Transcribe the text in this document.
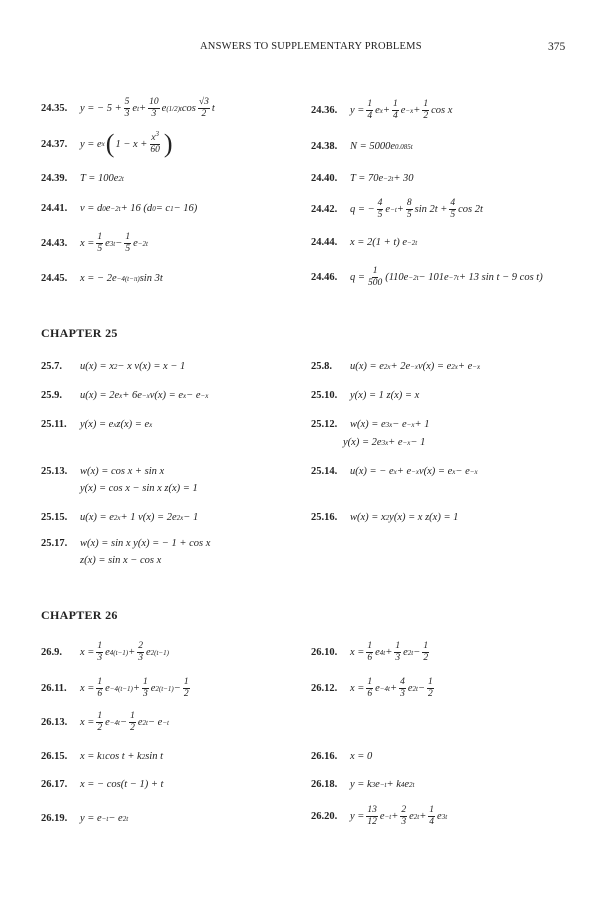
ANSWERS TO SUPPLEMENTARY PROBLEMS	375
24.35.	y = − $5 + \frac{5}{3}$ e $t + \frac{10}{3}$ e (1/2)t $\cos \frac{√3}{2}$ t	24.36.	$y = \frac{1}{4}$ e $x + \frac{1}{4}$ $e -x + \frac{1}{2}$ cos x
24.37.	y = e x ( $1 - x + \frac{x^3}{60}$ )	24.38.	N = 5000e 0.085t
24.39.	T = 100e 2t	24.40.	T = 70e −2t + 30
24.41.	v = d 0 e −2t + 16 (d 0 = c 1 − 16)	24.42.	q = − $\frac{4}{5}$ $e -t + \frac{8}{5}$ $\sin 2t + \frac{4}{5}$ cos 2t
24.43.	$x = \frac{1}{5}$ e $3t - \frac{1}{5}$ e −2t	24.44.	x = 2(1 + t) e −2t
24.45.	x = − 2e −4(t−π) sin 3t	24.46.	$q = \frac{1}{500} (110e -2t - 101e -7t + 13$ sin t − 9 cos t)
CHAPTER 25
25.7.	u(x) = x 2 − x v(x) = x − 1	25.8.	u(x) = e 2x + 2e −x v(x) = e 2x + e −x
25.9.	u(x) = 2e x + 6e −x v(x) = e x − e −x	25.10.	y(x) = 1 z(x) = x
25.11.	y(x) = e x z(x) = e x	25.12.	w(x) = e 3x − e −x + 1
y(x) = 2e 3x + e −x − 1
25.13.	w(x) = cos x + sin x
y(x) = cos x − sin x z(x) = 1
25.14.	u(x) = − e x + e −x v(x) = e x − e −x
25.15.	u(x) = e 2x + 1 v(x) = 2e 2x − 1	25.16.	w(x) = x 2 y(x) = x z(x) = 1
25.17.	w(x) = sin x y(x) = − 1 + cos x
z(x) = sin x − cos x
CHAPTER 26
26.9.	$x = \frac{1}{3}$ e $4(t-1) + \frac{2}{3}$ e 2(t−1)	26.10.	$x = \frac{1}{6}$ e $4t + \frac{1}{3}$ e $2t - \frac{1}{2}$
26.11.	$x = \frac{1}{6}$ $e -4(t-1) + \frac{1}{3}$ e $2(t-1) - \frac{1}{2}$	26.12.	$x = \frac{1}{6}$ $e -4t + \frac{4}{3}$ e $2t - \frac{1}{2}$
26.13.	$x = \frac{1}{2}$ $e -4t - \frac{1}{2}$ e 2t − e −t
26.15.	x = k 1 cos t + k 2 sin t	26.16.	x = 0
26.17.	x = − cos(t − 1) + t	26.18.	y = k 3 e −t + k 4 e 2t
26.19.	y = e −t − e 2t	26.20.	$y = \frac{13}{12}$ $e -t + \frac{2}{3}$ e $2t + \frac{1}{4}$ e 3t
